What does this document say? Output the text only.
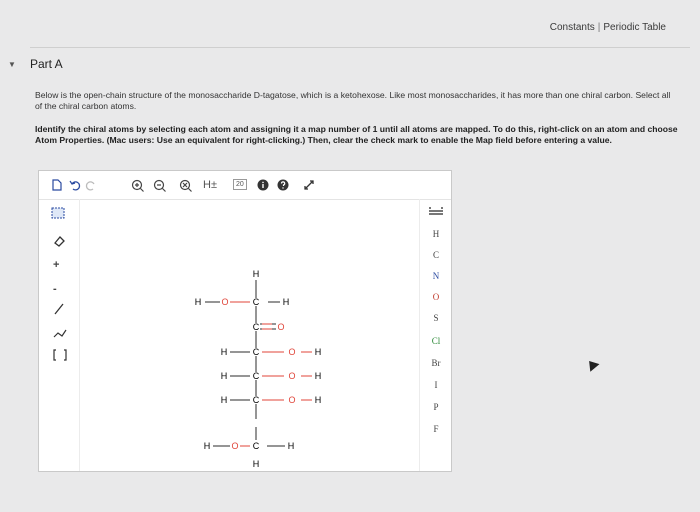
Constants | Periodic Table
▼ Part A
Below is the open-chain structure of the monosaccharide D-tagatose, which is a ketohexose. Like most monosaccharides, it has more than one chiral carbon. Select all of the chiral carbon atoms.
Identify the chiral atoms by selecting each atom and assigning it a map number of 1 until all atoms are mapped. To do this, right-click on an atom and choose Atom Properties. (Mac users: Use an equivalent for right-clicking.) Then, clear the check mark to enable the Map field before entering a value.
H±	20
+
-
H
C
N
O
S
Cl
Br
I
P
F
H
H O	C	H
C O
H	C	O H
H	C	O H
H	C	O H
H O C	H
H
